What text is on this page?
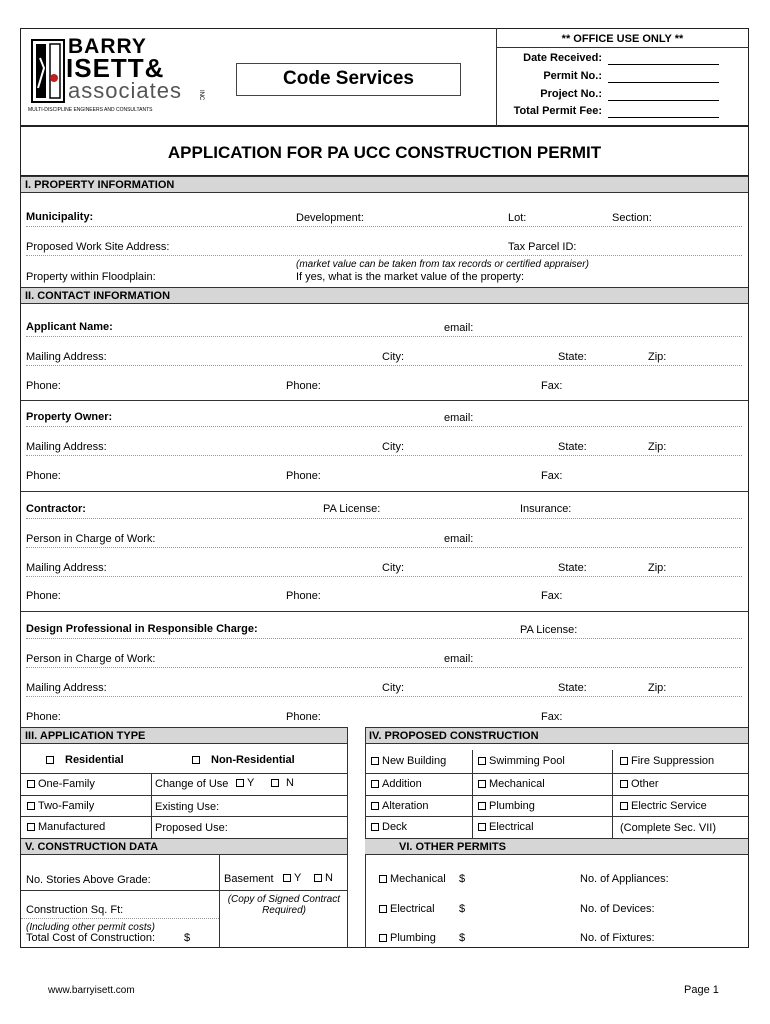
BARRY
ISETT&
associates	INC
MULTI-DISCIPLINE ENGINEERS AND CONSULTANTS
Code Services
** OFFICE USE ONLY **
Date Received:
Permit No.:
Project No.:
Total Permit Fee:
APPLICATION FOR PA UCC CONSTRUCTION PERMIT
I. PROPERTY INFORMATION
Municipality:	Development:	Lot:	Section:
Proposed Work Site Address:	Tax Parcel ID:
(market value can be taken from tax records or certified appraiser)
Property within Floodplain:	If yes, what is the market value of the property:
II. CONTACT INFORMATION
Applicant Name:	email:
Mailing Address:	City:	State:	Zip:
Phone:	Phone:	Fax:
Property Owner:	email:
Mailing Address:	City:	State:	Zip:
Phone:	Phone:	Fax:
Contractor:	PA License:	Insurance:
Person in Charge of Work:	email:
Mailing Address:	City:	State:	Zip:
Phone:	Phone:	Fax:
Design Professional in Responsible Charge:	PA License:
Person in Charge of Work:	email:
Mailing Address:	City:	State:	Zip:
Phone:	Phone:	Fax:
III. APPLICATION TYPE	IV. PROPOSED CONSTRUCTION
Residential	Non-Residential
One-Family	Change of Use	Y	N
Two-Family	Existing Use:
Manufactured	Proposed Use:
New Building	Swimming Pool	Fire Suppression
Addition	Mechanical	Other
Alteration	Plumbing	Electric Service
Deck	Electrical	(Complete Sec. VII)
V. CONSTRUCTION DATA	VI. OTHER PERMITS
No. Stories Above Grade:	Basement	Y	N
Construction Sq. Ft:
(Copy of Signed Contract
Required)
(Including other permit costs)
Total Cost of Construction:	$
Mechanical $	No. of Appliances:
Electrical $	No. of Devices:
Plumbing $	No. of Fixtures:
www.barryisett.com	Page 1
